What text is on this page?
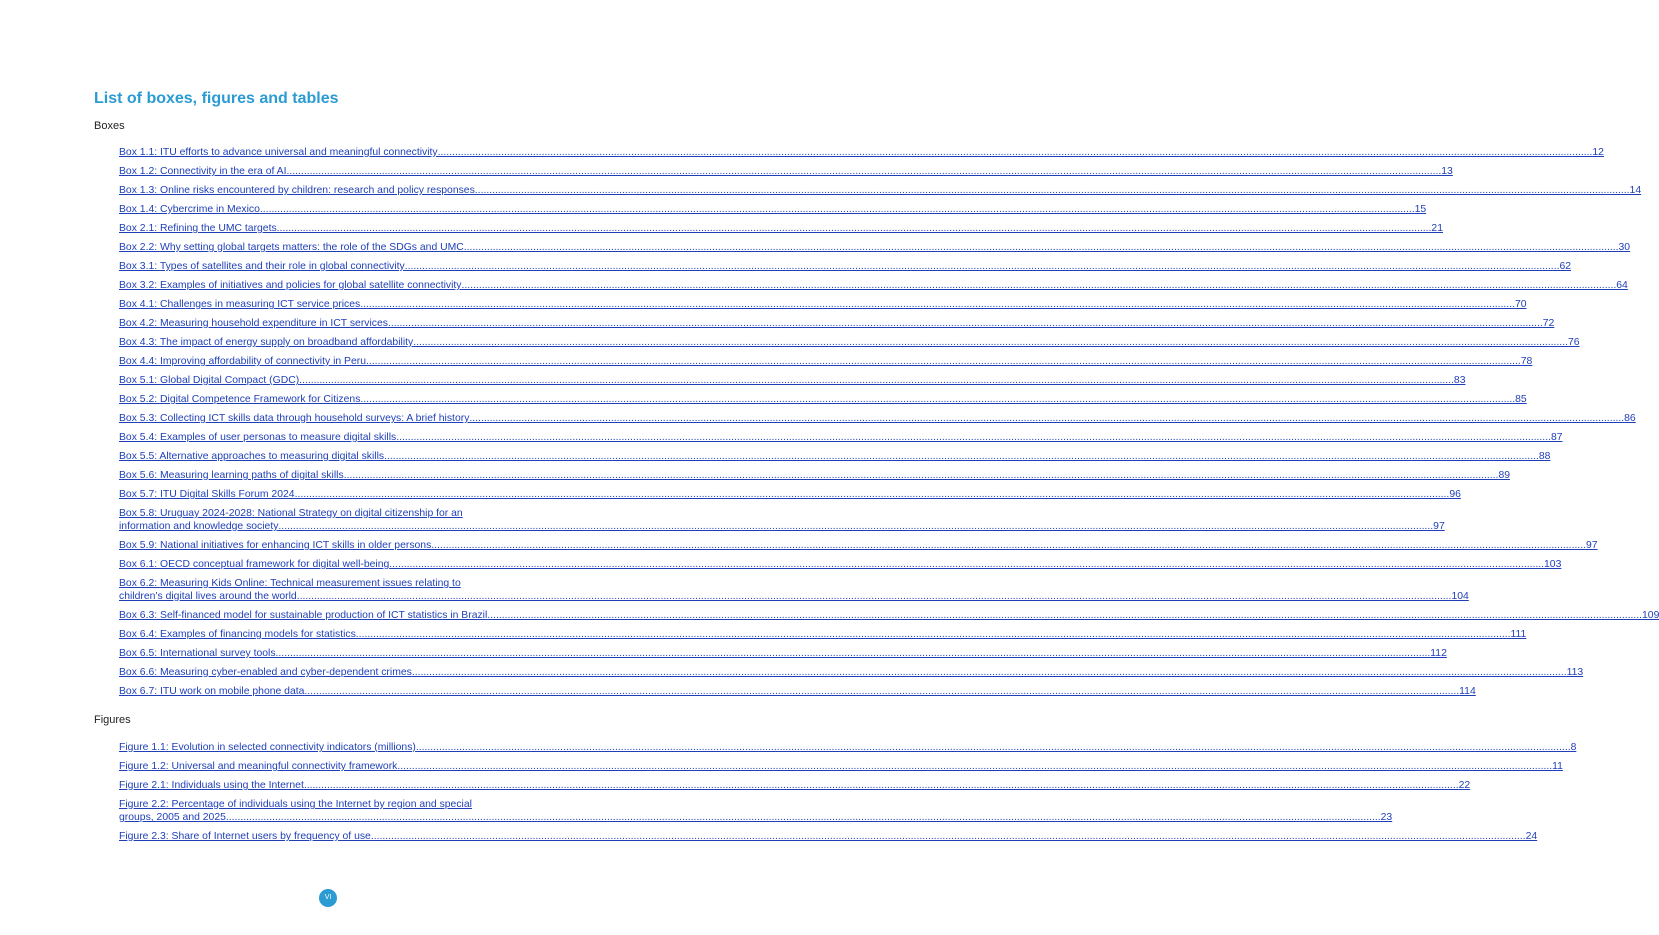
List of boxes, figures and tables
Boxes
Box 1.1: ITU efforts to advance universal and meaningful connectivity ................................................................................................................................................................................................................................................................................................................................................................................................................ 12
Box 1.2: Connectivity in the era of AI ................................................................................................................................................................................................................................................................................................................................................................................................................ 13
Box 1.3: Online risks encountered by children: research and policy responses ................................................................................................................................................................................................................................................................................................................................................................................................................ 14
Box 1.4: Cybercrime in Mexico ................................................................................................................................................................................................................................................................................................................................................................................................................ 15
Box 2.1: Refining the UMC targets ................................................................................................................................................................................................................................................................................................................................................................................................................ 21
Box 2.2: Why setting global targets matters: the role of the SDGs and UMC ................................................................................................................................................................................................................................................................................................................................................................................................................ 30
Box 3.1: Types of satellites and their role in global connectivity ................................................................................................................................................................................................................................................................................................................................................................................................................ 62
Box 3.2: Examples of initiatives and policies for global satellite connectivity ................................................................................................................................................................................................................................................................................................................................................................................................................ 64
Box 4.1: Challenges in measuring ICT service prices ................................................................................................................................................................................................................................................................................................................................................................................................................ 70
Box 4.2: Measuring household expenditure in ICT services ................................................................................................................................................................................................................................................................................................................................................................................................................ 72
Box 4.3: The impact of energy supply on broadband affordability ................................................................................................................................................................................................................................................................................................................................................................................................................ 76
Box 4.4: Improving affordability of connectivity in Peru ................................................................................................................................................................................................................................................................................................................................................................................................................ 78
Box 5.1: Global Digital Compact (GDC) ................................................................................................................................................................................................................................................................................................................................................................................................................ 83
Box 5.2: Digital Competence Framework for Citizens ................................................................................................................................................................................................................................................................................................................................................................................................................ 85
Box 5.3: Collecting ICT skills data through household surveys: A brief history ................................................................................................................................................................................................................................................................................................................................................................................................................ 86
Box 5.4: Examples of user personas to measure digital skills ................................................................................................................................................................................................................................................................................................................................................................................................................ 87
Box 5.5: Alternative approaches to measuring digital skills ................................................................................................................................................................................................................................................................................................................................................................................................................ 88
Box 5.6: Measuring learning paths of digital skills ................................................................................................................................................................................................................................................................................................................................................................................................................ 89
Box 5.7: ITU Digital Skills Forum 2024 ................................................................................................................................................................................................................................................................................................................................................................................................................ 96
Box 5.8: Uruguay 2024-2028: National Strategy on digital citizenship for an
information and knowledge society ................................................................................................................................................................................................................................................................................................................................................................................................................ 97
Box 5.9: National initiatives for enhancing ICT skills in older persons ................................................................................................................................................................................................................................................................................................................................................................................................................ 97
Box 6.1: OECD conceptual framework for digital well-being ................................................................................................................................................................................................................................................................................................................................................................................................................ 103
Box 6.2: Measuring Kids Online: Technical measurement issues relating to
children’s digital lives around the world ................................................................................................................................................................................................................................................................................................................................................................................................................ 104
Box 6.3: Self-financed model for sustainable production of ICT statistics in Brazil ................................................................................................................................................................................................................................................................................................................................................................................................................ 109
Box 6.4: Examples of financing models for statistics ................................................................................................................................................................................................................................................................................................................................................................................................................ 111
Box 6.5: International survey tools ................................................................................................................................................................................................................................................................................................................................................................................................................ 112
Box 6.6: Measuring cyber-enabled and cyber-dependent crimes ................................................................................................................................................................................................................................................................................................................................................................................................................ 113
Box 6.7: ITU work on mobile phone data ................................................................................................................................................................................................................................................................................................................................................................................................................ 114
Figures
Figure 1.1: Evolution in selected connectivity indicators (millions) ................................................................................................................................................................................................................................................................................................................................................................................................................ 8
Figure 1.2: Universal and meaningful connectivity framework ................................................................................................................................................................................................................................................................................................................................................................................................................ 11
Figure 2.1: Individuals using the Internet ................................................................................................................................................................................................................................................................................................................................................................................................................ 22
Figure 2.2: Percentage of individuals using the Internet by region and special
groups, 2005 and 2025 ................................................................................................................................................................................................................................................................................................................................................................................................................ 23
Figure 2.3: Share of Internet users by frequency of use ................................................................................................................................................................................................................................................................................................................................................................................................................ 24
VI
